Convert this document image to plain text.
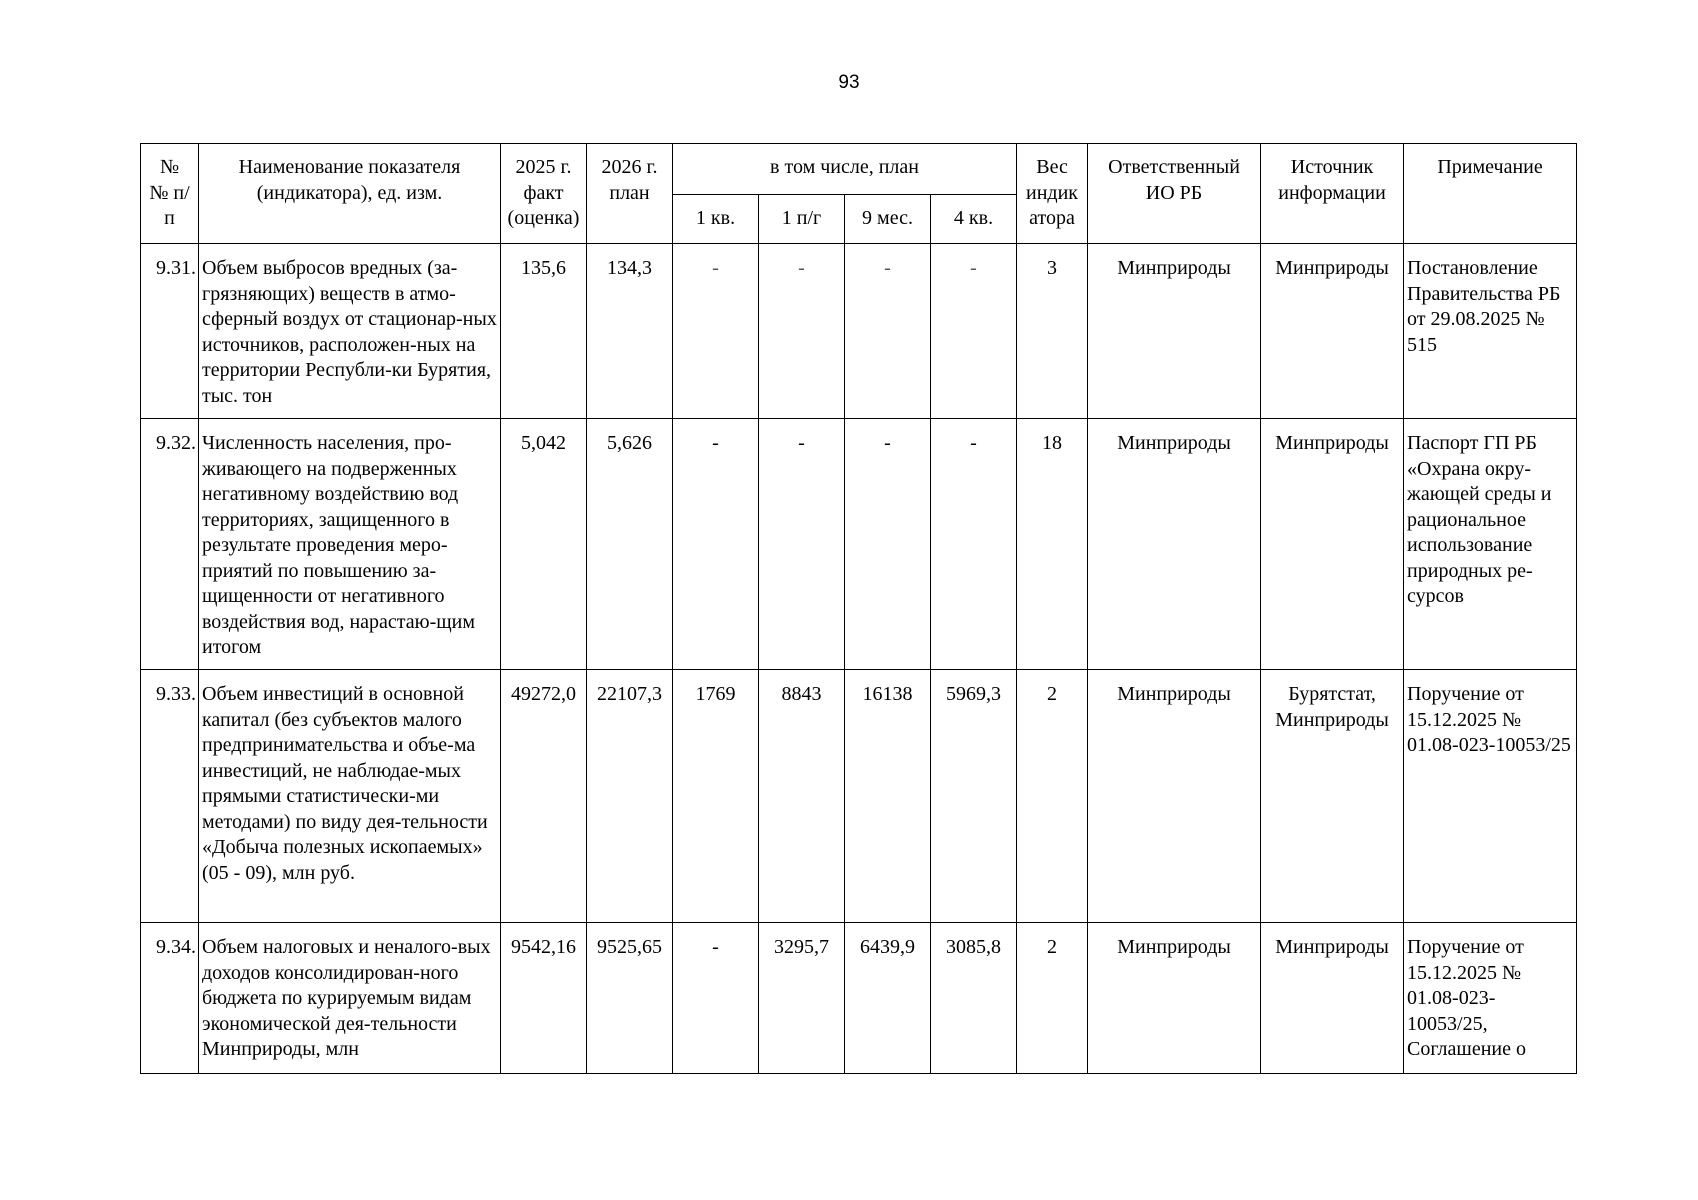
93
№ № п/п	Наименование показателя (индикатора), ед. изм.	2025 г. факт (оценка)	2026 г. план	в том числе, план				Вес индик атора	Ответственный ИО РБ	Источник информации	Примечание
				1 кв.	1 п/г	9 мес.	4 кв.				

9.31.	Объем выбросов вредных (за-грязняющих) веществ в атмо-сферный воздух от стационар-ных источников, расположен-ных на территории Республи-ки Бурятия, тыс. тон	135,6	134,3	-	-	-	-	3	Минприроды	Минприроды	Постановление Правительства РБ от 29.08.2025 № 515

9.32.	Численность населения, про-живающего на подверженных негативному воздействию вод территориях, защищенного в результате проведения меро-приятий по повышению за-щищенности от негативного воздействия вод, нарастаю-щим итогом	5,042	5,626	-	-	-	-	18	Минприроды	Минприроды	Паспорт ГП РБ «Охрана окру-жающей среды и рациональное использование природных ре-сурсов

9.33.	Объем инвестиций в основной капитал (без субъектов малого предпринимательства и объе-ма инвестиций, не наблюдае-мых прямыми статистически-ми методами) по виду дея-тельности «Добыча полезных ископаемых» (05 - 09), млн руб.	49272,0	22107,3	1769	8843	16138	5969,3	2	Минприроды	Бурятстат, Минприроды	Поручение от 15.12.2025 № 01.08-023-10053/25

9.34.	Объем налоговых и неналого-вых доходов консолидирован-ного бюджета по курируемым видам экономической дея-тельности Минприроды, млн	9542,16	9525,65	-	3295,7	6439,9	3085,8	2	Минприроды	Минприроды	Поручение от 15.12.2025 № 01.08-023-10053/25, Соглашение о
